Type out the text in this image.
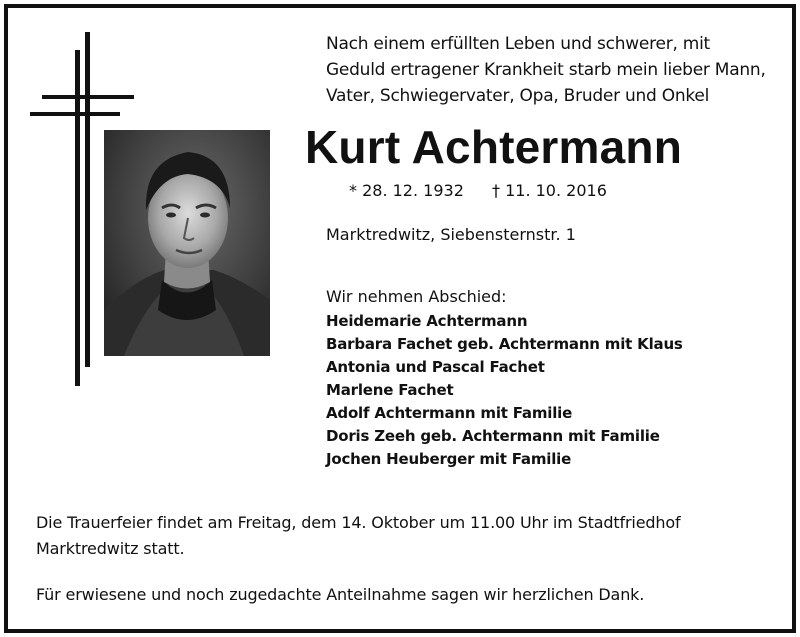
Nach einem erfüllten Leben und schwerer, mit
Geduld ertragener Krankheit starb mein lieber Mann,
Vater, Schwiegervater, Opa, Bruder und Onkel
Kurt Achtermann
* 28. 12. 1932 † 11. 10. 2016
Marktredwitz, Siebensternstr. 1
Wir nehmen Abschied:
Heidemarie Achtermann
Barbara Fachet geb. Achtermann mit Klaus
Antonia und Pascal Fachet
Marlene Fachet
Adolf Achtermann mit Familie
Doris Zeeh geb. Achtermann mit Familie
Jochen Heuberger mit Familie
Die Trauerfeier findet am Freitag, dem 14. Oktober um 11.00 Uhr im Stadtfriedhof
Marktredwitz statt.
Für erwiesene und noch zugedachte Anteilnahme sagen wir herzlichen Dank.
